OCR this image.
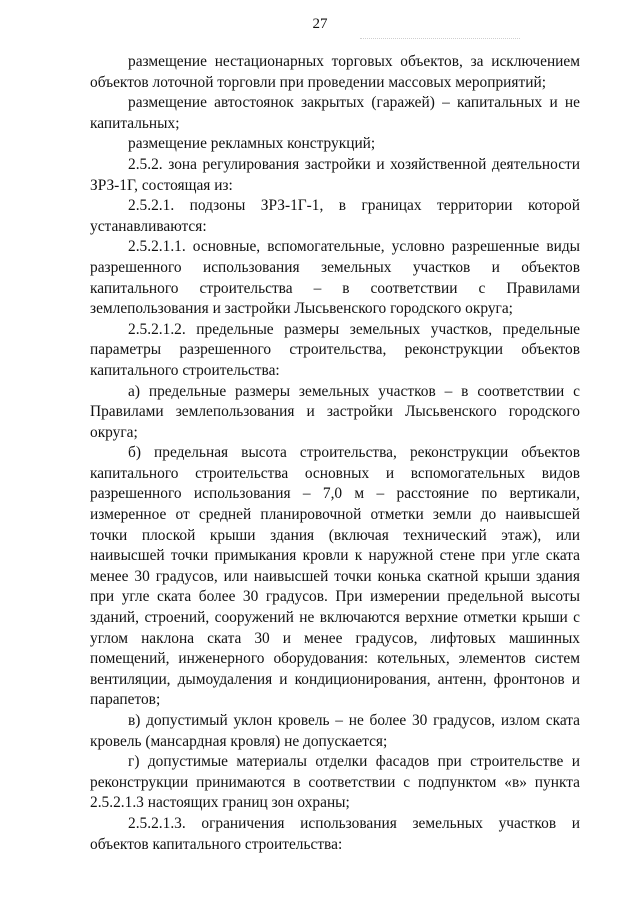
27

размещение нестационарных торговых объектов, за исключением объектов лоточной торговли при проведении массовых мероприятий;

размещение автостоянок закрытых (гаражей) – капитальных и не капитальных;

размещение рекламных конструкций;

2.5.2. зона регулирования застройки и хозяйственной деятельности ЗРЗ-1Г, состоящая из:

2.5.2.1. подзоны ЗРЗ-1Г-1, в границах территории которой устанавливаются:

2.5.2.1.1. основные, вспомогательные, условно разрешенные виды разрешенного использования земельных участков и объектов капитального строительства – в соответствии с Правилами землепользования и застройки Лысьвенского городского округа;

2.5.2.1.2. предельные размеры земельных участков, предельные параметры разрешенного строительства, реконструкции объектов капитального строительства:

а) предельные размеры земельных участков – в соответствии с Правилами землепользования и застройки Лысьвенского городского округа;

б) предельная высота строительства, реконструкции объектов капитального строительства основных и вспомогательных видов разрешенного использования – 7,0 м – расстояние по вертикали, измеренное от средней планировочной отметки земли до наивысшей точки плоской крыши здания (включая технический этаж), или наивысшей точки примыкания кровли к наружной стене при угле ската менее 30 градусов, или наивысшей точки конька скатной крыши здания при угле ската более 30 градусов. При измерении предельной высоты зданий, строений, сооружений не включаются верхние отметки крыши с углом наклона ската 30 и менее градусов, лифтовых машинных помещений, инженерного оборудования: котельных, элементов систем вентиляции, дымоудаления и кондиционирования, антенн, фронтонов и парапетов;

в) допустимый уклон кровель – не более 30 градусов, излом ската кровель (мансардная кровля) не допускается;

г) допустимые материалы отделки фасадов при строительстве и реконструкции принимаются в соответствии с подпунктом «в» пункта 2.5.2.1.3 настоящих границ зон охраны;

2.5.2.1.3. ограничения использования земельных участков и объектов капитального строительства:
